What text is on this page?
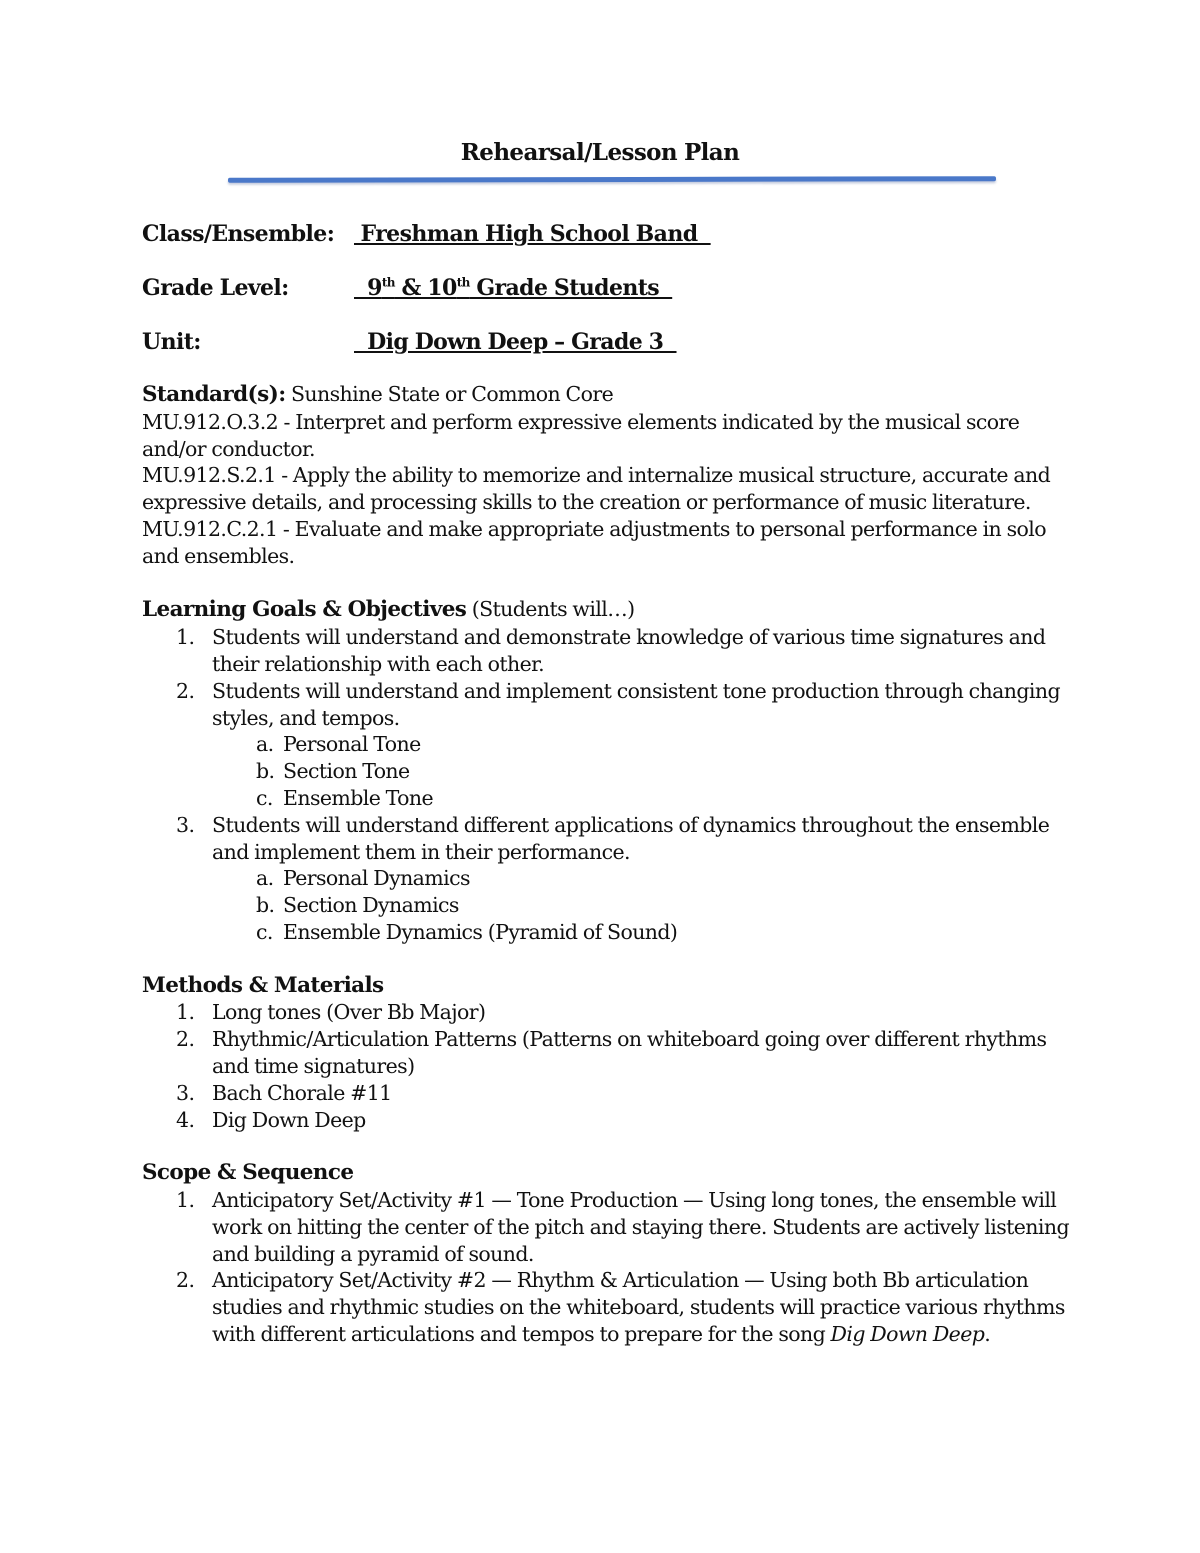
Rehearsal/Lesson Plan
Class/Ensemble: Freshman High School Band
Grade Level:	9th & 10th Grade Students
Unit:	Dig Down Deep – Grade 3

Standard(s): Sunshine State or Common Core

MU.912.O.3.2 - Interpret and perform expressive elements indicated by the musical score and/or conductor.

MU.912.S.2.1 - Apply the ability to memorize and internalize musical structure, accurate and expressive details, and processing skills to the creation or performance of music literature.

MU.912.C.2.1 - Evaluate and make appropriate adjustments to personal performance in solo and ensembles.

Learning Goals & Objectives (Students will…)

1. Students will understand and demonstrate knowledge of various time signatures and their relationship with each other.
2. Students will understand and implement consistent tone production through changing styles, and tempos.
a. Personal Tone
b. Section Tone
c. Ensemble Tone
3. Students will understand different applications of dynamics throughout the ensemble and implement them in their performance.
a. Personal Dynamics
b. Section Dynamics
c. Ensemble Dynamics (Pyramid of Sound)

Methods & Materials

1. Long tones (Over Bb Major)
2. Rhythmic/Articulation Patterns (Patterns on whiteboard going over different rhythms and time signatures)
3. Bach Chorale #11
4. Dig Down Deep

Scope & Sequence

1. Anticipatory Set/Activity #1 — Tone Production — Using long tones, the ensemble will work on hitting the center of the pitch and staying there. Students are actively listening and building a pyramid of sound.
2. Anticipatory Set/Activity #2 — Rhythm & Articulation — Using both Bb articulation studies and rhythmic studies on the whiteboard, students will practice various rhythms with different articulations and tempos to prepare for the song Dig Down Deep.
